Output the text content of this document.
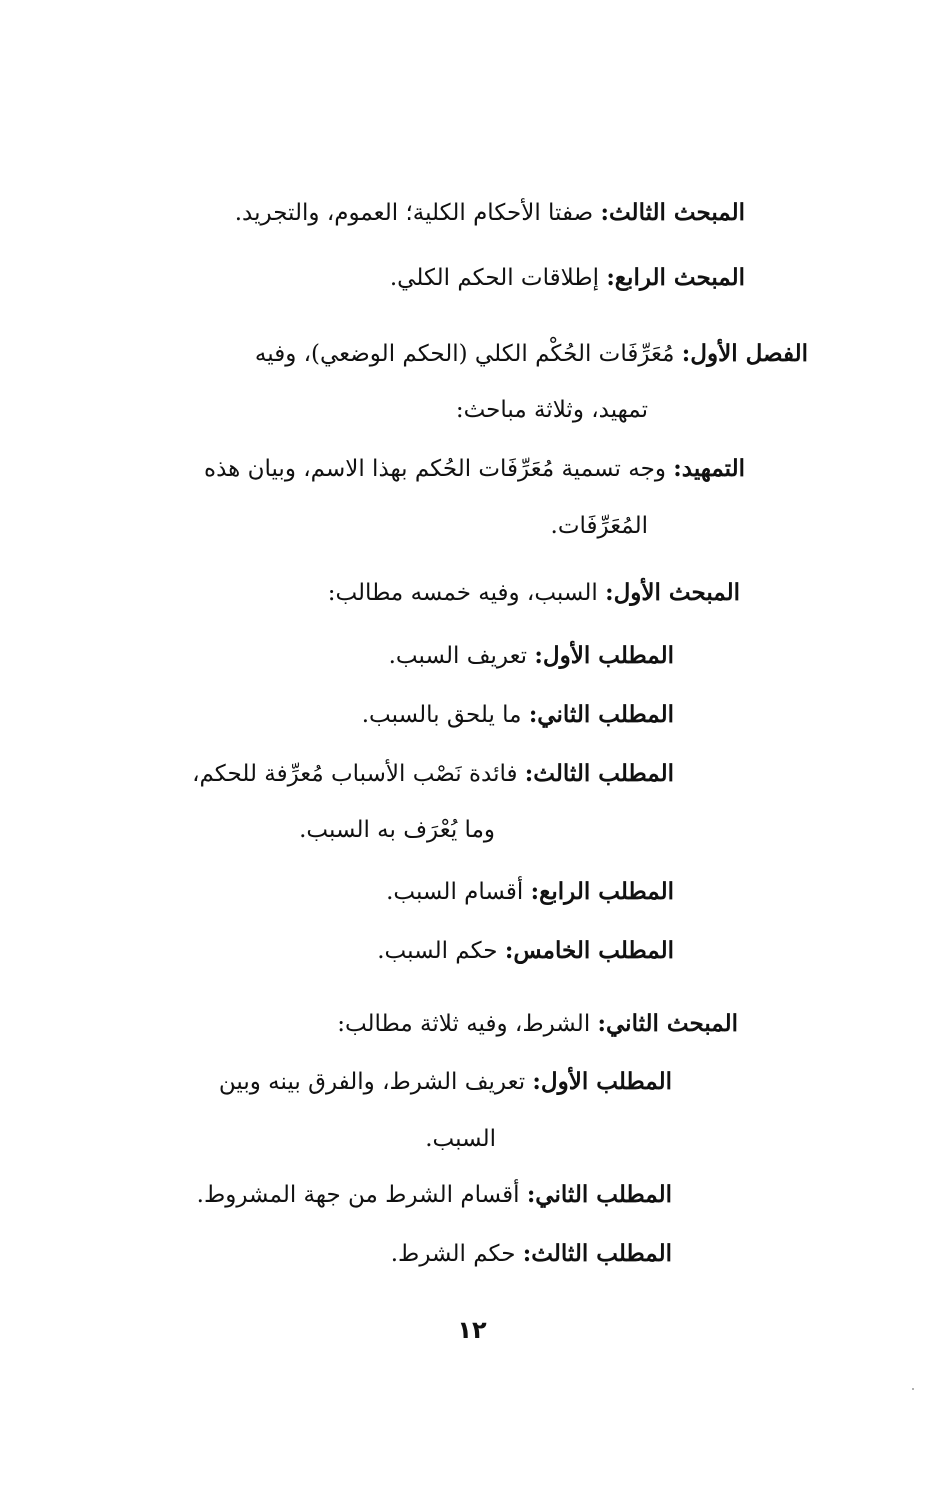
المبحث الثالث: صفتا الأحكام الكلية؛ العموم، والتجريد.
المبحث الرابع: إطلاقات الحكم الكلي.
الفصل الأول: مُعَرِّفَات الحُكْم الكلي (الحكم الوضعي)، وفيه
تمهيد، وثلاثة مباحث:
التمهيد: وجه تسمية مُعَرِّفَات الحُكم بهذا الاسم، وبيان هذه
المُعَرِّفَات.
المبحث الأول: السبب، وفيه خمسه مطالب:
المطلب الأول: تعريف السبب.
المطلب الثاني: ما يلحق بالسبب.
المطلب الثالث: فائدة نَصْب الأسباب مُعرِّفة للحكم،
وما يُعْرَف به السبب.
المطلب الرابع: أقسام السبب.
المطلب الخامس: حكم السبب.
المبحث الثاني: الشرط، وفيه ثلاثة مطالب:
المطلب الأول: تعريف الشرط، والفرق بينه وبين
السبب.
المطلب الثاني: أقسام الشرط من جهة المشروط.
المطلب الثالث: حكم الشرط.
١٢
